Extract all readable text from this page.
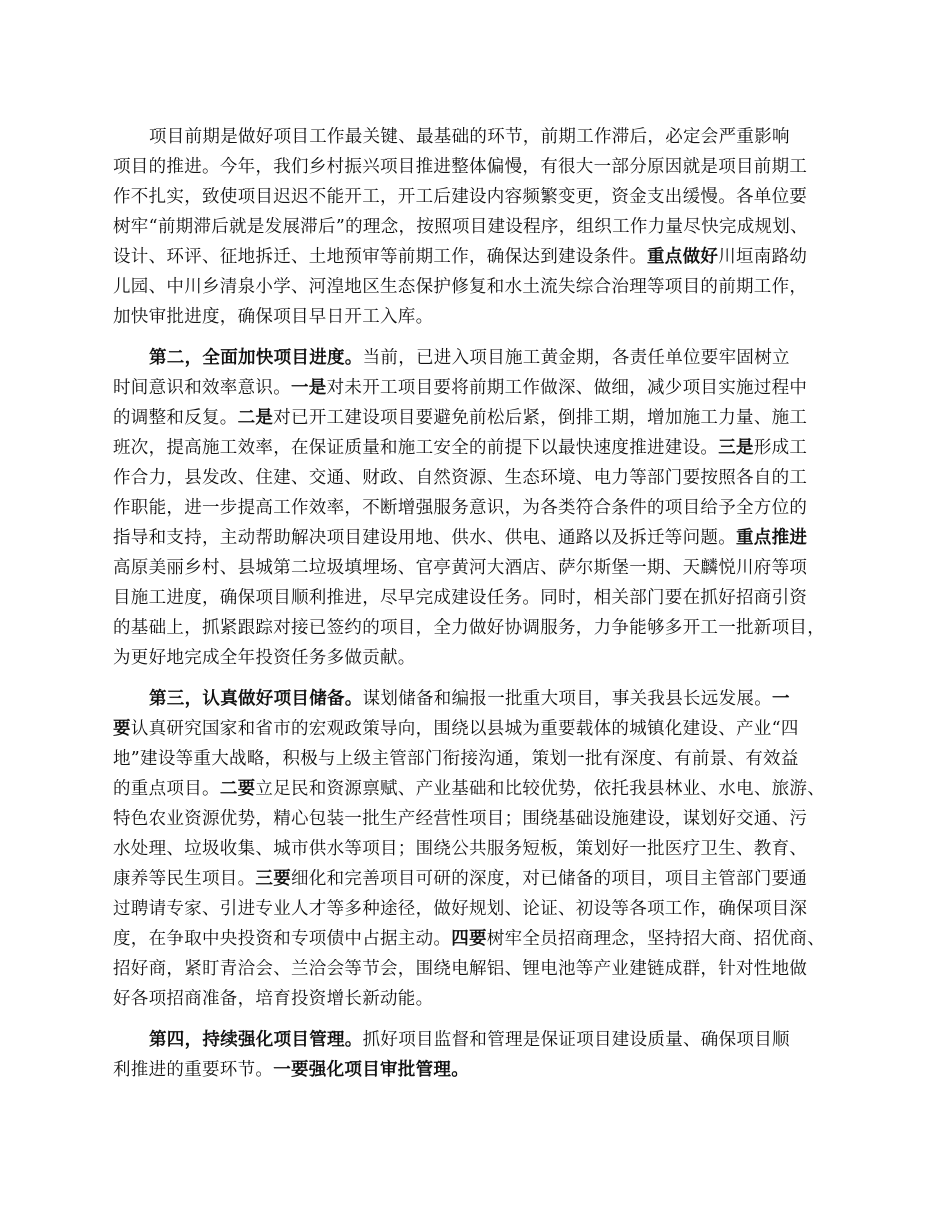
项目前期是做好项目工作最关键、最基础的环节，前期工作滞后，必定会严重影响
项目的推进。今年，我们乡村振兴项目推进整体偏慢，有很大一部分原因就是项目前期工
作不扎实，致使项目迟迟不能开工，开工后建设内容频繁变更，资金支出缓慢。各单位要
树牢“前期滞后就是发展滞后”的理念，按照项目建设程序，组织工作力量尽快完成规划、
设计、环评、征地拆迁、土地预审等前期工作，确保达到建设条件。重点做好川垣南路幼
儿园、中川乡清泉小学、河湟地区生态保护修复和水土流失综合治理等项目的前期工作，
加快审批进度，确保项目早日开工入库。
第二，全面加快项目进度。当前，已进入项目施工黄金期，各责任单位要牢固树立
时间意识和效率意识。一是对未开工项目要将前期工作做深、做细，减少项目实施过程中
的调整和反复。二是对已开工建设项目要避免前松后紧，倒排工期，增加施工力量、施工
班次，提高施工效率，在保证质量和施工安全的前提下以最快速度推进建设。三是形成工
作合力，县发改、住建、交通、财政、自然资源、生态环境、电力等部门要按照各自的工
作职能，进一步提高工作效率，不断增强服务意识，为各类符合条件的项目给予全方位的
指导和支持，主动帮助解决项目建设用地、供水、供电、通路以及拆迁等问题。重点推进
高原美丽乡村、县城第二垃圾填埋场、官亭黄河大酒店、萨尔斯堡一期、天麟悦川府等项
目施工进度，确保项目顺利推进，尽早完成建设任务。同时，相关部门要在抓好招商引资
的基础上，抓紧跟踪对接已签约的项目，全力做好协调服务，力争能够多开工一批新项目，
为更好地完成全年投资任务多做贡献。
第三，认真做好项目储备。谋划储备和编报一批重大项目，事关我县长远发展。一
要认真研究国家和省市的宏观政策导向，围绕以县城为重要载体的城镇化建设、产业“四
地”建设等重大战略，积极与上级主管部门衔接沟通，策划一批有深度、有前景、有效益
的重点项目。二要立足民和资源禀赋、产业基础和比较优势，依托我县林业、水电、旅游、
特色农业资源优势，精心包装一批生产经营性项目；围绕基础设施建设，谋划好交通、污
水处理、垃圾收集、城市供水等项目；围绕公共服务短板，策划好一批医疗卫生、教育、
康养等民生项目。三要细化和完善项目可研的深度，对已储备的项目，项目主管部门要通
过聘请专家、引进专业人才等多种途径，做好规划、论证、初设等各项工作，确保项目深
度，在争取中央投资和专项债中占据主动。四要树牢全员招商理念，坚持招大商、招优商、
招好商，紧盯青洽会、兰洽会等节会，围绕电解铝、锂电池等产业建链成群，针对性地做
好各项招商准备，培育投资增长新动能。
第四，持续强化项目管理。抓好项目监督和管理是保证项目建设质量、确保项目顺
利推进的重要环节。一要强化项目审批管理。
